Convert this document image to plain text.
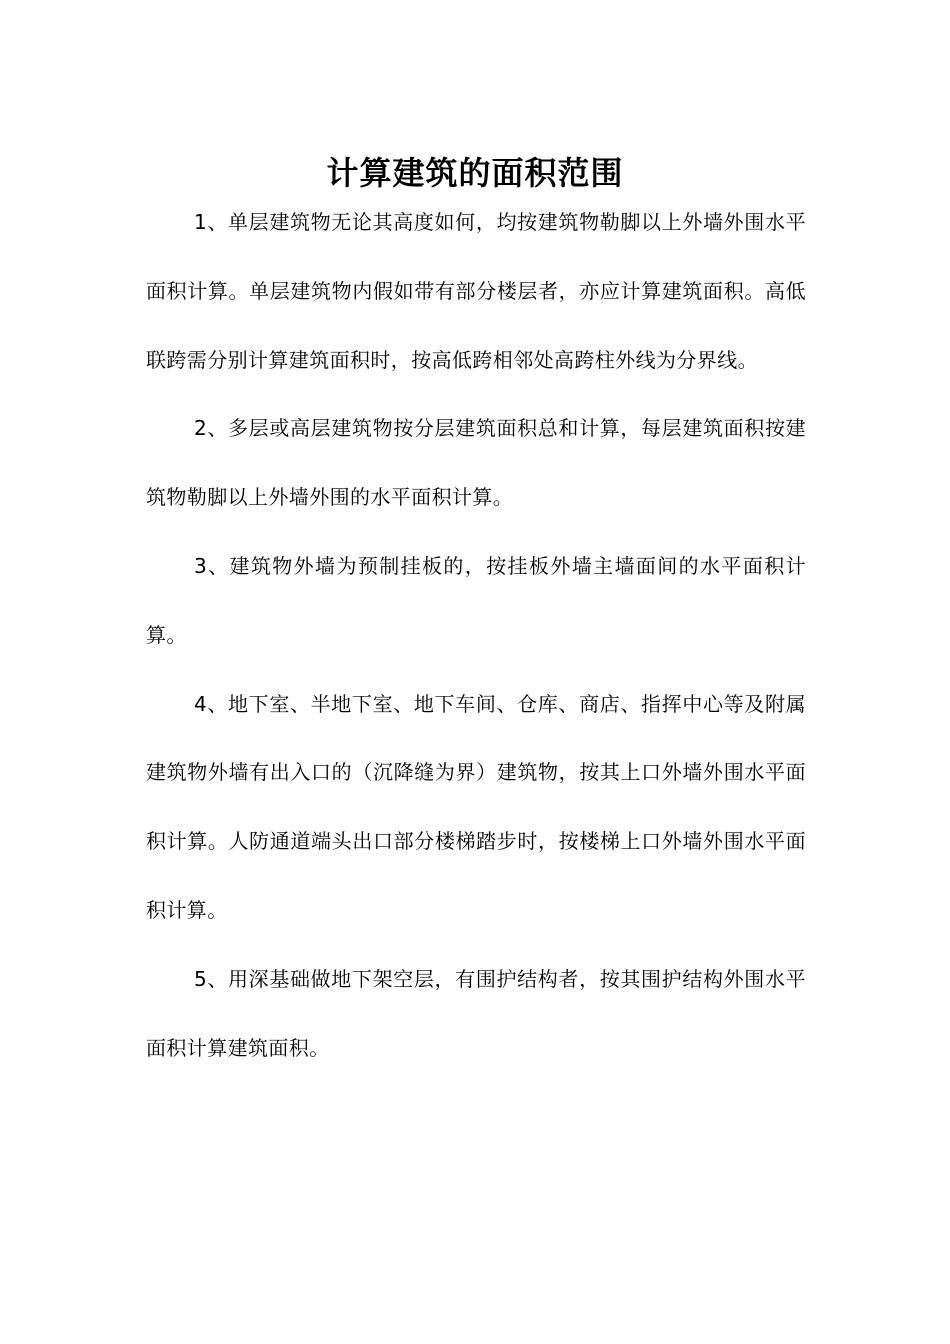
计算建筑的面积范围

1、单层建筑物无论其高度如何，均按建筑物勒脚以上外墙外围水平面积计算。单层建筑物内假如带有部分楼层者，亦应计算建筑面积。高低联跨需分别计算建筑面积时，按高低跨相邻处高跨柱外线为分界线。

2、多层或高层建筑物按分层建筑面积总和计算，每层建筑面积按建筑物勒脚以上外墙外围的水平面积计算。

3、建筑物外墙为预制挂板的，按挂板外墙主墙面间的水平面积计算。

4、地下室、半地下室、地下车间、仓库、商店、指挥中心等及附属建筑物外墙有出入口的（沉降缝为界）建筑物，按其上口外墙外围水平面积计算。人防通道端头出口部分楼梯踏步时，按楼梯上口外墙外围水平面积计算。

5、用深基础做地下架空层，有围护结构者，按其围护结构外围水平面积计算建筑面积。
